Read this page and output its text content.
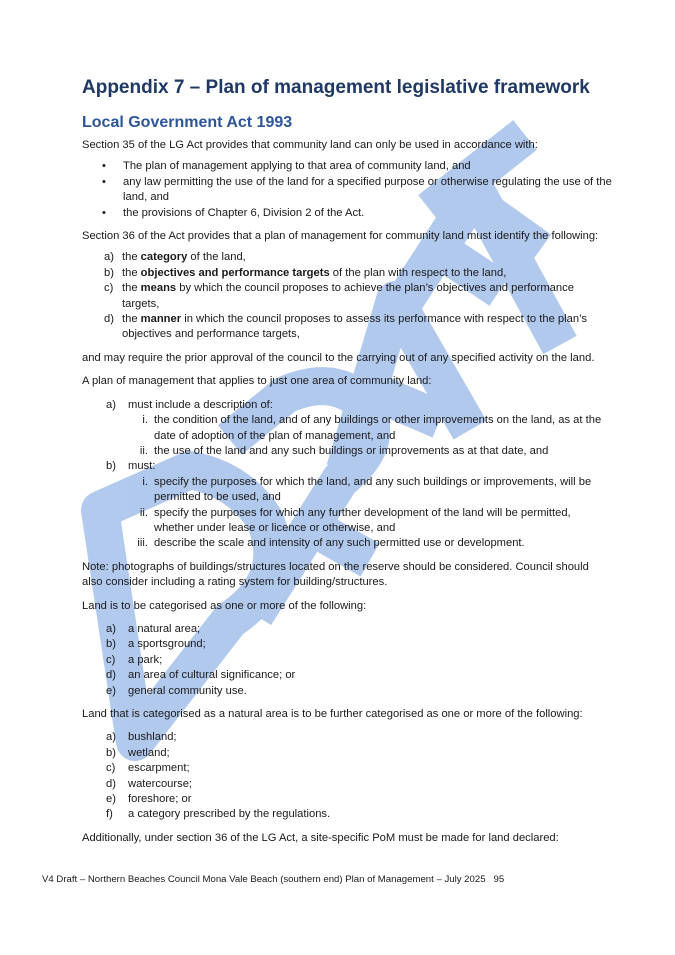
Appendix 7 – Plan of management legislative framework
Local Government Act 1993

Section 35 of the LG Act provides that community land can only be used in accordance with:

• The plan of management applying to that area of community land, and
• any law permitting the use of the land for a specified purpose or otherwise regulating the use of the land, and
• the provisions of Chapter 6, Division 2 of the Act.

Section 36 of the Act provides that a plan of management for community land must identify the following:

a) the category of the land,
b) the objectives and performance targets of the plan with respect to the land,
c) the means by which the council proposes to achieve the plan’s objectives and performance targets,
d) the manner in which the council proposes to assess its performance with respect to the plan’s objectives and performance targets,

and may require the prior approval of the council to the carrying out of any specified activity on the land.

A plan of management that applies to just one area of community land:

a) must include a description of:
i. the condition of the land, and of any buildings or other improvements on the land, as at the date of adoption of the plan of management, and
ii. the use of the land and any such buildings or improvements as at that date, and
b) must:
i. specify the purposes for which the land, and any such buildings or improvements, will be permitted to be used, and
ii. specify the purposes for which any further development of the land will be permitted, whether under lease or licence or otherwise, and
iii. describe the scale and intensity of any such permitted use or development.

Note: photographs of buildings/structures located on the reserve should be considered. Council should also consider including a rating system for building/structures.

Land is to be categorised as one or more of the following:

a) a natural area;
b) a sportsground;
c) a park;
d) an area of cultural significance; or
e) general community use.

Land that is categorised as a natural area is to be further categorised as one or more of the following:

a) bushland;
b) wetland;
c) escarpment;
d) watercourse;
e) foreshore; or
f) a category prescribed by the regulations.

Additionally, under section 36 of the LG Act, a site-specific PoM must be made for land declared:

V4 Draft – Northern Beaches Council Mona Vale Beach (southern end) Plan of Management – July 2025 95
